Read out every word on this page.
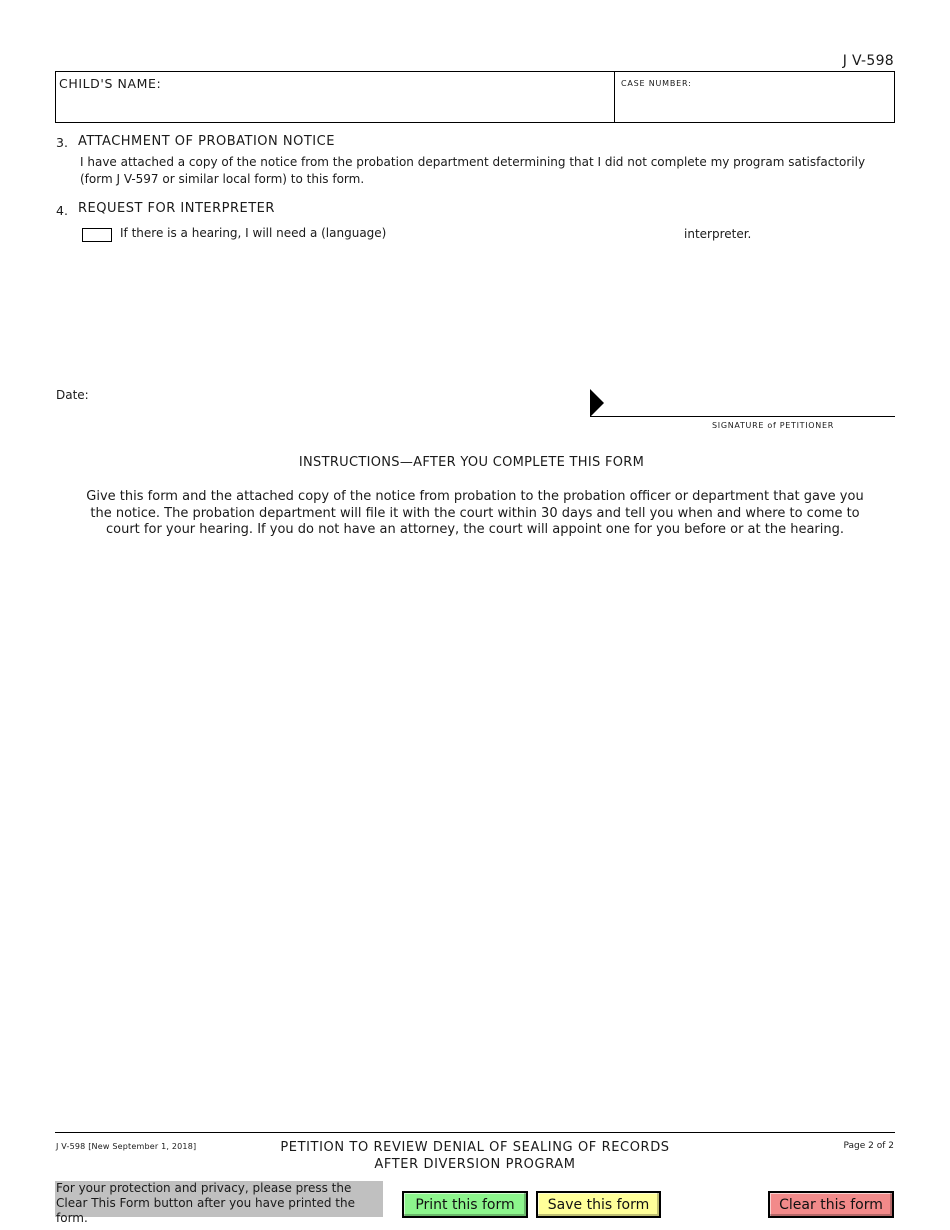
J V-598
CHILD'S NAME:	CASE NUMBER:
3. ATTACHMENT OF PROBATION NOTICE
I have attached a copy of the notice from the probation department determining that I did not complete my program satisfactorily
(form J V-597 or similar local form) to this form.
4. REQUEST FOR INTERPRETER
If there is a hearing, I will need a (language)	interpreter.
Date:
SIGNATURE of PETITIONER
INSTRUCTIONS—AFTER YOU COMPLETE THIS FORM
Give this form and the attached copy of the notice from probation to the probation officer or department that gave you the notice. The probation department will file it with the court within 30 days and tell you when and where to come to court for your hearing. If you do not have an attorney, the court will appoint one for you before or at the hearing.
J V-598 [New September 1, 2018]	PETITION TO REVIEW DENIAL OF SEALING OF RECORDS
AFTER DIVERSION PROGRAM
Page 2 of 2
For your protection and privacy, please press the Clear This Form button after you have printed the form.
Print this form	Save this form	Clear this form
